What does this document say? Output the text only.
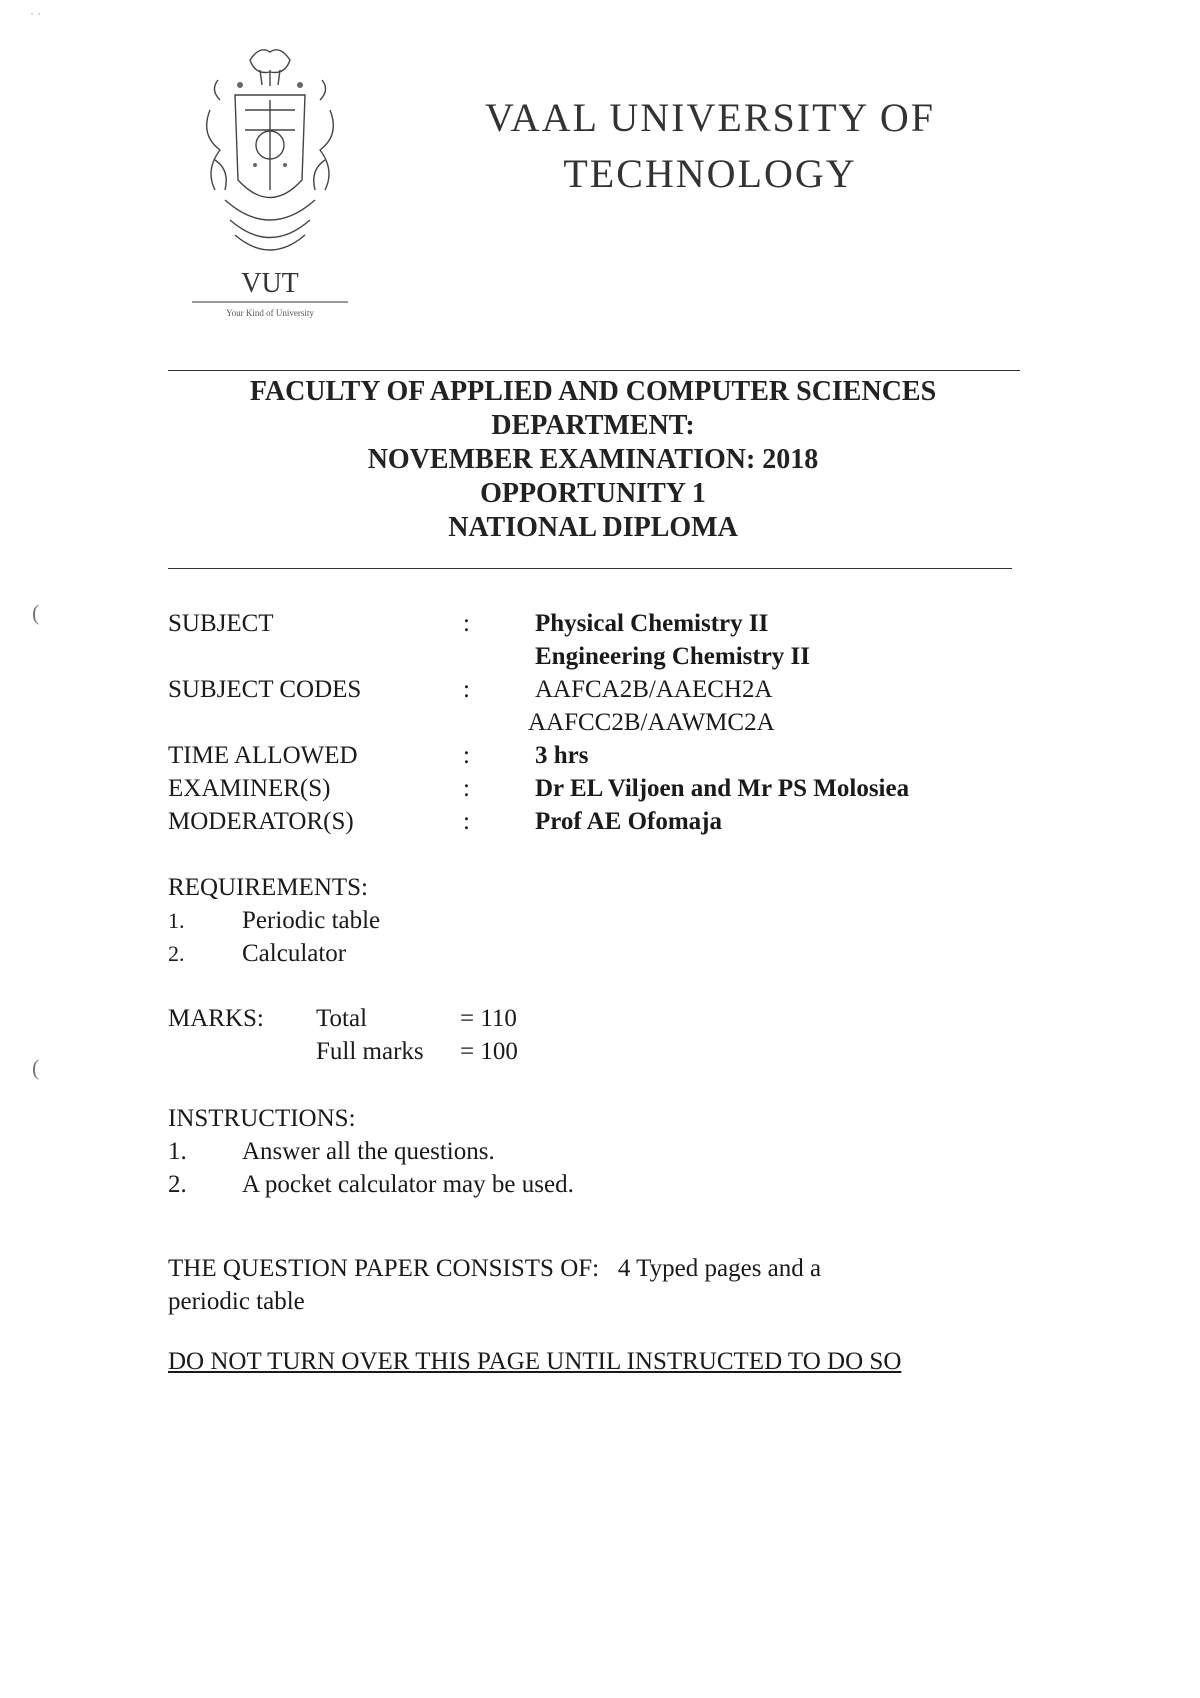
˙ ˙
(
(
VUT
Your Kind of University
VAAL UNIVERSITY OF
TECHNOLOGY
FACULTY OF APPLIED AND COMPUTER SCIENCES
DEPARTMENT:
NOVEMBER EXAMINATION: 2018
OPPORTUNITY 1
NATIONAL DIPLOMA
SUBJECT	:	Physical Chemistry II
Engineering Chemistry II
SUBJECT CODES	:	AAFCA2B/AAECH2A
AAFCC2B/AAWMC2A
TIME ALLOWED	:	3 hrs
EXAMINER(S)	:	Dr EL Viljoen and Mr PS Molosiea
MODERATOR(S)	:	Prof AE Ofomaja
REQUIREMENTS:
1. Periodic table
2. Calculator
MARKS: Total	= 110
Full marks = 100
INSTRUCTIONS:
1. Answer all the questions.
2. A pocket calculator may be used.
THE QUESTION PAPER CONSISTS OF:   4 Typed pages and a
periodic table
DO NOT TURN OVER THIS PAGE UNTIL INSTRUCTED TO DO SO
